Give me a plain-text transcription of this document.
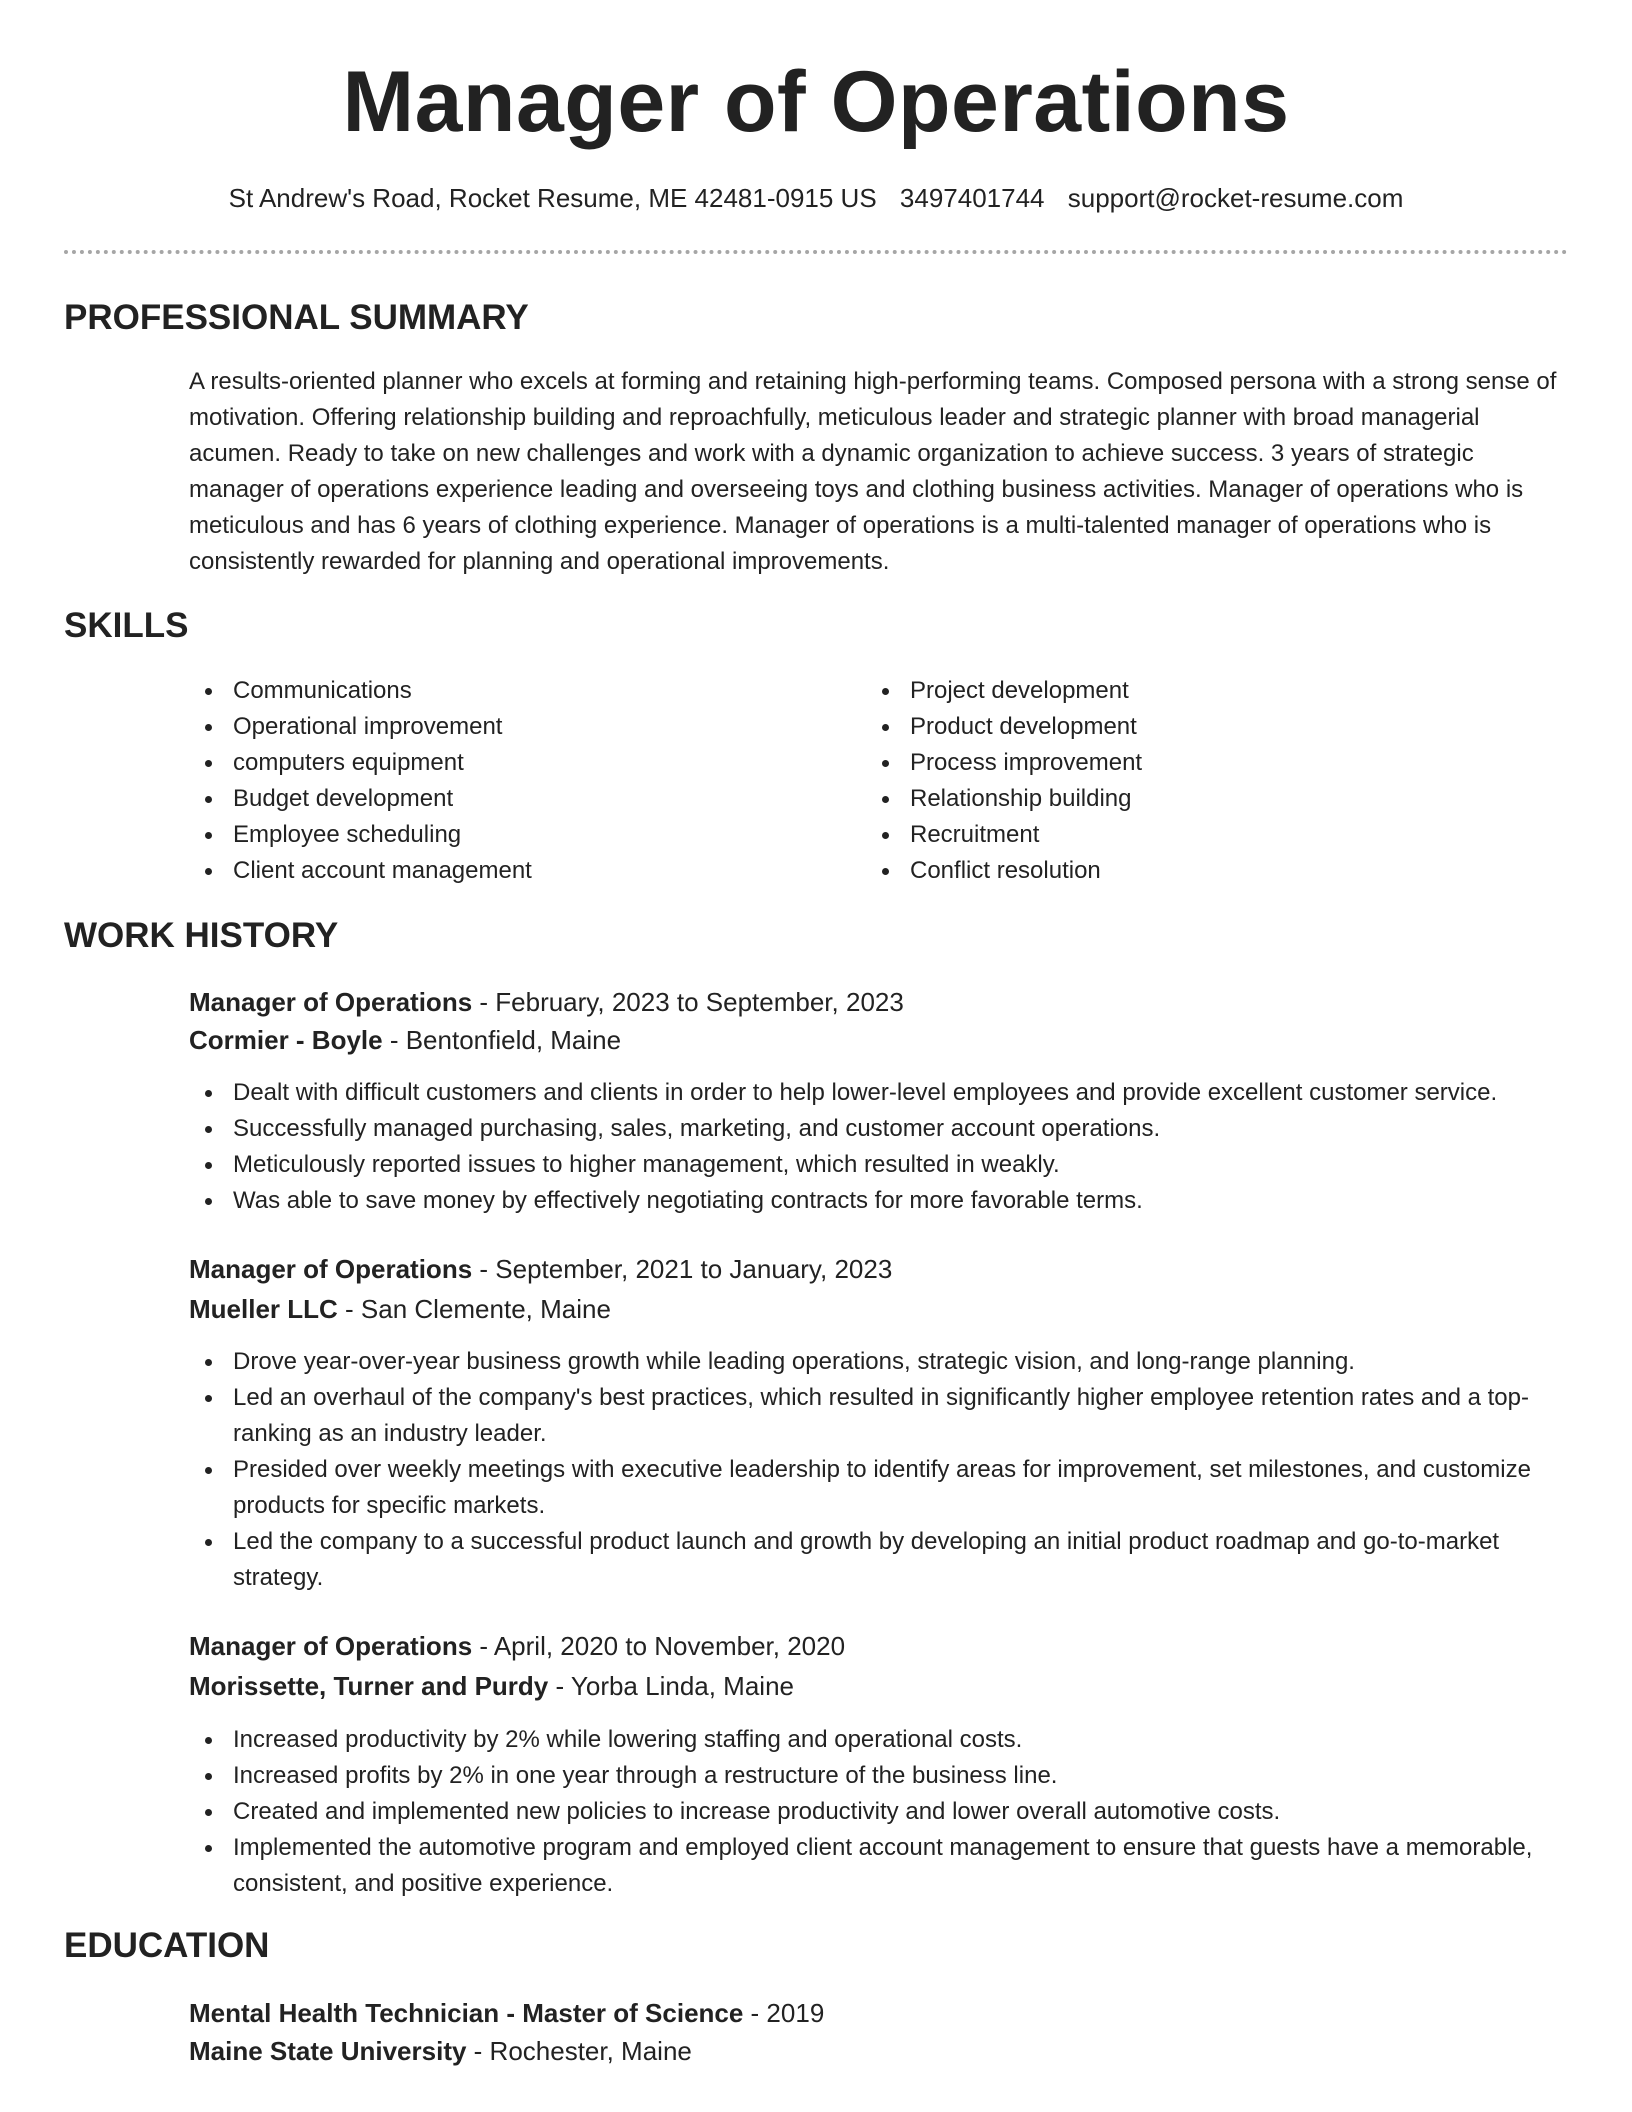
Manager of Operations
St Andrew's Road, Rocket Resume, ME 42481-0915 US 3497401744 support@rocket-resume.com
PROFESSIONAL SUMMARY

A results-oriented planner who excels at forming and retaining high-performing teams. Composed persona with a strong sense of motivation. Offering relationship building and reproachfully, meticulous leader and strategic planner with broad managerial acumen. Ready to take on new challenges and work with a dynamic organization to achieve success. 3 years of strategic manager of operations experience leading and overseeing toys and clothing business activities. Manager of operations who is meticulous and has 6 years of clothing experience. Manager of operations is a multi-talented manager of operations who is consistently rewarded for planning and operational improvements.

SKILLS
Communications
Operational improvement
computers equipment
Budget development
Employee scheduling
Client account management
Project development
Product development
Process improvement
Relationship building
Recruitment
Conflict resolution
WORK HISTORY
Manager of Operations - February, 2023 to September, 2023
Cormier - Boyle - Bentonfield, Maine
Dealt with difficult customers and clients in order to help lower-level employees and provide excellent customer service.
Successfully managed purchasing, sales, marketing, and customer account operations.
Meticulously reported issues to higher management, which resulted in weakly.
Was able to save money by effectively negotiating contracts for more favorable terms.
Manager of Operations - September, 2021 to January, 2023
Mueller LLC - San Clemente, Maine
Drove year-over-year business growth while leading operations, strategic vision, and long-range planning.
Led an overhaul of the company's best practices, which resulted in significantly higher employee retention rates and a top-ranking as an industry leader.
Presided over weekly meetings with executive leadership to identify areas for improvement, set milestones, and customize products for specific markets.
Led the company to a successful product launch and growth by developing an initial product roadmap and go-to-market strategy.
Manager of Operations - April, 2020 to November, 2020
Morissette, Turner and Purdy - Yorba Linda, Maine
Increased productivity by 2% while lowering staffing and operational costs.
Increased profits by 2% in one year through a restructure of the business line.
Created and implemented new policies to increase productivity and lower overall automotive costs.
Implemented the automotive program and employed client account management to ensure that guests have a memorable, consistent, and positive experience.
EDUCATION
Mental Health Technician - Master of Science - 2019
Maine State University - Rochester, Maine
